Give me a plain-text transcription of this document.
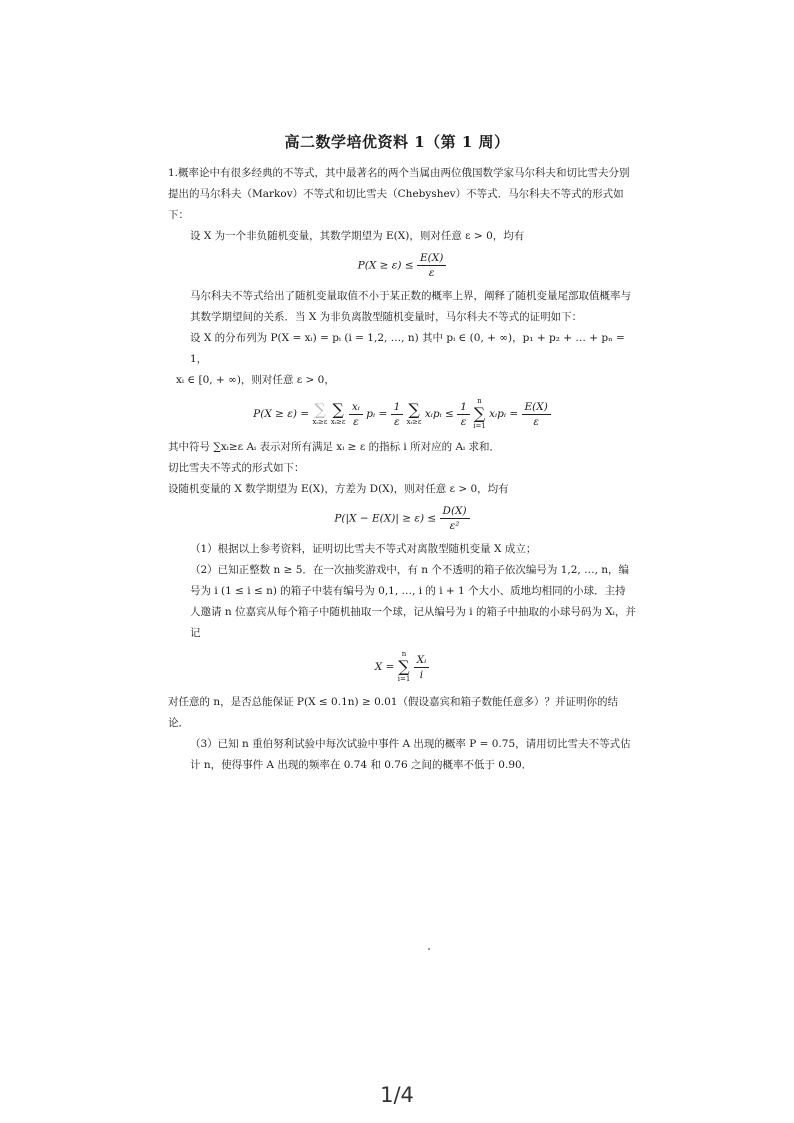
高二数学培优资料 1（第 1 周）

1.概率论中有很多经典的不等式，其中最著名的两个当属由两位俄国数学家马尔科夫和切比雪夫分别提出的马尔科夫（Markov）不等式和切比雪夫（Chebyshev）不等式．马尔科夫不等式的形式如下：

设 X 为一个非负随机变量，其数学期望为 E(X)，则对任意 ε > 0，均有

$P(X \ge \varepsilon) \le \frac{E(X)}{\varepsilon}$

马尔科夫不等式给出了随机变量取值不小于某正数的概率上界，阐释了随机变量尾部取值概率与其数学期望间的关系．当 X 为非负离散型随机变量时，马尔科夫不等式的证明如下：

设 X 的分布列为 P(X = xᵢ) = pᵢ (i = 1,2, …, n) 其中 pᵢ ∈ (0, + ∞)，p₁ + p₂ + … + pₙ = 1，

xᵢ ∈ [0, + ∞)，则对任意 ε > 0，

P(X ≥ ε) = ∑
xᵢ≥ε

∑
xᵢ≥ε
$\frac{\text{xᵢ}}{\varepsilon}$ pᵢ = $\frac{1}{\varepsilon}$
∑
xᵢ≥ε
xᵢpᵢ ≤ $\frac{1}{\varepsilon}$
	n
∑
i=1
xᵢpᵢ = $\frac{E(X)}{\varepsilon}$

其中符号 ∑xᵢ≥ε Aᵢ 表示对所有满足 xᵢ ≥ ε 的指标 i 所对应的 Aᵢ 求和．

切比雪夫不等式的形式如下：

设随机变量的 X 数学期望为 E(X)，方差为 D(X)，则对任意 ε > 0，均有

$P(|X - E(X)| \ge \varepsilon) \le \frac{D(X)}{\text{ε²}}$

（1）根据以上参考资料，证明切比雪夫不等式对离散型随机变量 X 成立；

（2）已知正整数 n ≥ 5．在一次抽奖游戏中，有 n 个不透明的箱子依次编号为 1,2, …, n，编号为 i (1 ≤ i ≤ n) 的箱子中装有编号为 0,1, …, i 的 i + 1 个大小、质地均相同的小球．主持人邀请 n 位嘉宾从每个箱子中随机抽取一个球，记从编号为 i 的箱子中抽取的小球号码为 Xᵢ，并记

X =
n
∑
i=1
$\frac{\text{Xᵢ}}{i}$

对任意的 n，是否总能保证 P(X ≤ 0.1n) ≥ 0.01（假设嘉宾和箱子数能任意多）？并证明你的结论．

（3）已知 n 重伯努利试验中每次试验中事件 A 出现的概率 P = 0.75，请用切比雪夫不等式估计 n，使得事件 A 出现的频率在 0.74 和 0.76 之间的概率不低于 0.90．

1/4
